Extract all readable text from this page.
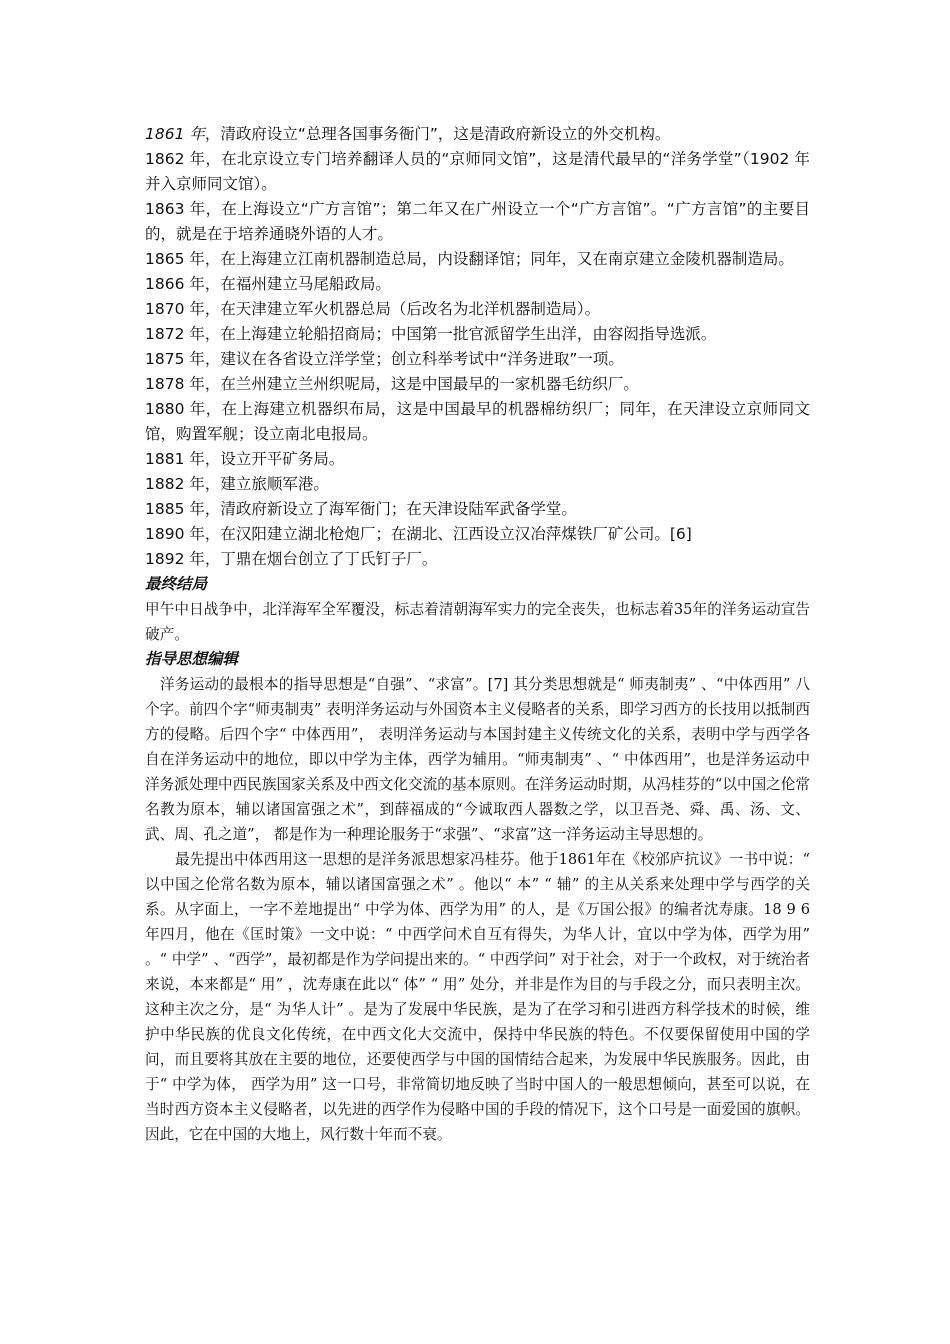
1861 年，清政府设立“总理各国事务衙门”，这是清政府新设立的外交机构。

1862 年，在北京设立专门培养翻译人员的“京师同文馆”，这是清代最早的“洋务学堂”（1902 年并入京师同文馆）。

1863 年，在上海设立“广方言馆”；第二年又在广州设立一个“广方言馆”。“广方言馆”的主要目的，就是在于培养通晓外语的人才。

1865 年，在上海建立江南机器制造总局，内设翻译馆；同年，又在南京建立金陵机器制造局。

1866 年，在福州建立马尾船政局。

1870 年，在天津建立军火机器总局（后改名为北洋机器制造局）。

1872 年，在上海建立轮船招商局；中国第一批官派留学生出洋，由容闳指导选派。

1875 年，建议在各省设立洋学堂；创立科举考试中“洋务进取”一项。

1878 年，在兰州建立兰州织呢局，这是中国最早的一家机器毛纺织厂。

1880 年，在上海建立机器织布局，这是中国最早的机器棉纺织厂；同年，在天津设立京师同文馆，购置军舰；设立南北电报局。

1881 年，设立开平矿务局。

1882 年，建立旅顺军港。

1885 年，清政府新设立了海军衙门；在天津设陆军武备学堂。

1890 年，在汉阳建立湖北枪炮厂；在湖北、江西设立汉冶萍煤铁厂矿公司。[6]

1892 年，丁鼎在烟台创立了丁氏钉子厂。

最终结局

甲午中日战争中，北洋海军全军覆没，标志着清朝海军实力的完全丧失，也标志着35年的洋务运动宣告破产。

指导思想编辑

洋务运动的最根本的指导思想是“自强”、“求富”。[7] 其分类思想就是“ 师夷制夷” 、“中体西用” 八个字。前四个字“师夷制夷” 表明洋务运动与外国资本主义侵略者的关系，即学习西方的长技用以抵制西方的侵略。后四个字“ 中体西用”， 表明洋务运动与本国封建主义传统文化的关系，表明中学与西学各自在洋务运动中的地位，即以中学为主体，西学为辅用。“师夷制夷” 、“ 中体西用”，也是洋务运动中洋务派处理中西民族国家关系及中西文化交流的基本原则。在洋务运动时期，从冯桂芬的“以中国之伦常名教为原本，辅以诸国富强之术”，到薛福成的“今诚取西人器数之学，以卫吾尧、舜、禹、汤、文、武、周、孔之道”， 都是作为一种理论服务于“求强”、“求富”这一洋务运动主导思想的。

最先提出中体西用这一思想的是洋务派思想家冯桂芬。他于1861年在《校邠庐抗议》一书中说：“ 以中国之伦常名数为原本，辅以诸国富强之术” 。他以“ 本” “ 辅” 的主从关系来处理中学与西学的关系。从字面上，一字不差地提出“ 中学为体、西学为用” 的人，是《万国公报》的编者沈寿康。18 9 6 年四月，他在《匡时策》一文中说：“ 中西学问术自互有得失，为华人计，宜以中学为体，西学为用” 。“ 中学” 、“西学”，最初都是作为学问提出来的。“ 中西学问” 对于社会，对于一个政权，对于统治者来说，本来都是“ 用” ，沈寿康在此以“ 体” “ 用” 处分，并非是作为目的与手段之分，而只表明主次。这种主次之分，是“ 为华人计” 。是为了发展中华民族，是为了在学习和引进西方科学技术的时候，维护中华民族的优良文化传统，在中西文化大交流中，保持中华民族的特色。不仅要保留使用中国的学问，而且要将其放在主要的地位，还要使西学与中国的国情结合起来，为发展中华民族服务。因此，由于“ 中学为体， 西学为用” 这一口号，非常简切地反映了当时中国人的一般思想倾向，甚至可以说，在当时西方资本主义侵略者，以先进的西学作为侵略中国的手段的情况下，这个口号是一面爱国的旗帜。因此，它在中国的大地上，风行数十年而不衰。
